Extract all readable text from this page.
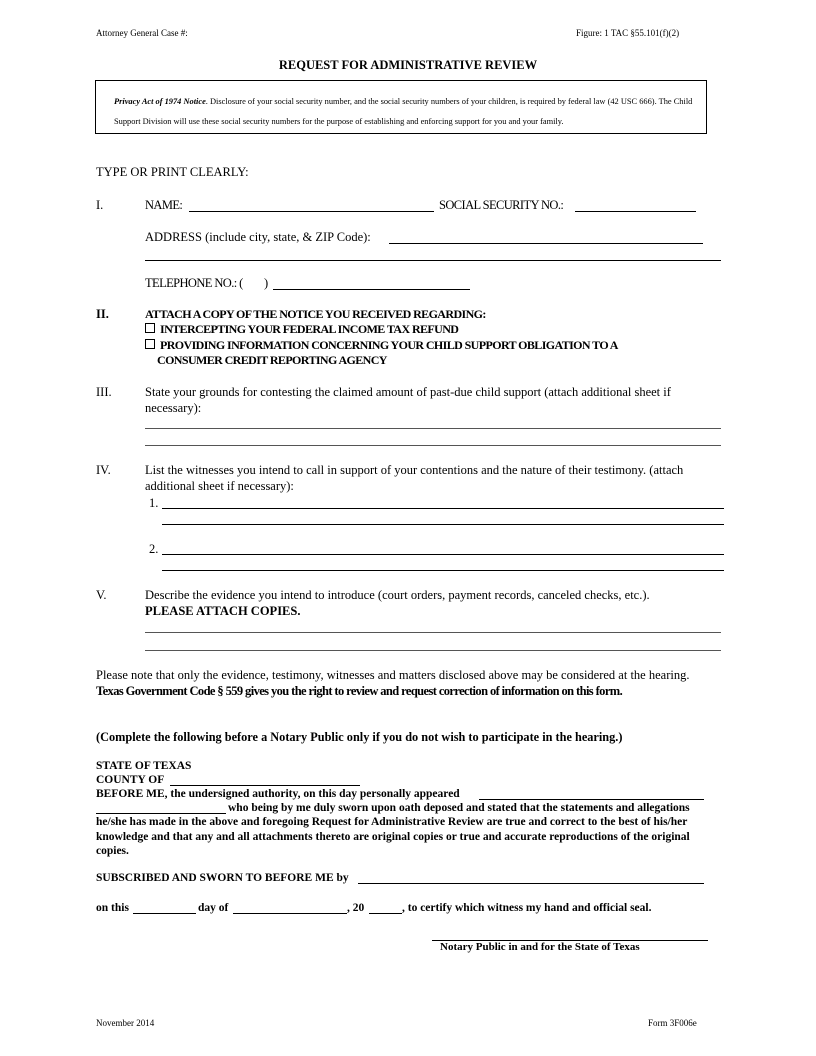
Attorney General Case #:	Figure: 1 TAC §55.101(f)(2)
REQUEST FOR ADMINISTRATIVE REVIEW
Privacy Act of 1974 Notice. Disclosure of your social security number, and the social security numbers of your children, is required by federal law (42 USC 666). The Child Support Division will use these social security numbers for the purpose of establishing and enforcing support for you and your family.
TYPE OR PRINT CLEARLY:
I.	NAME:	SOCIAL SECURITY NO.:
ADDRESS (include city, state, & ZIP Code):
TELEPHONE NO.: ( )
II.	ATTACH A COPY OF THE NOTICE YOU RECEIVED REGARDING:
INTERCEPTING YOUR FEDERAL INCOME TAX REFUND
PROVIDING INFORMATION CONCERNING YOUR CHILD SUPPORT OBLIGATION TO A
CONSUMER CREDIT REPORTING AGENCY
III.	State your grounds for contesting the claimed amount of past-due child support (attach additional sheet if necessary):
IV.	List the witnesses you intend to call in support of your contentions and the nature of their testimony. (attach additional sheet if necessary):
1.
2.
V.	Describe the evidence you intend to introduce (court orders, payment records, canceled checks, etc.).
PLEASE ATTACH COPIES.
Please note that only the evidence, testimony, witnesses and matters disclosed above may be considered at the hearing. Texas Government Code § 559 gives you the right to review and request correction of information on this form.
(Complete the following before a Notary Public only if you do not wish to participate in the hearing.)
STATE OF TEXAS
COUNTY OF
BEFORE ME, the undersigned authority, on this day personally appeared
who being by me duly sworn upon oath deposed and stated that the statements and allegations
he/she has made in the above and foregoing Request for Administrative Review are true and correct to the best of his/her knowledge and that any and all attachments thereto are original copies or true and accurate reproductions of the original copies.
SUBSCRIBED AND SWORN TO BEFORE ME by
on this	day of	, 20	, to certify which witness my hand and official seal.
Notary Public in and for the State of Texas
November 2014	Form 3F006e
